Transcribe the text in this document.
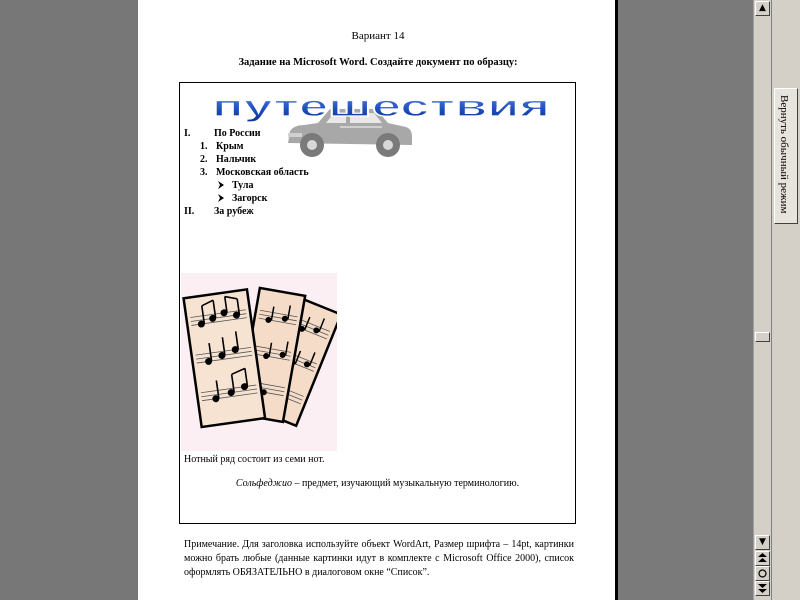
Вариант 14
Задание на Microsoft Word. Создайте документ по образцу:
путешествия
I. По России
1. Крым
2. Нальчик
3. Московская область
Тула
Загорск
II. За рубеж
Нотный ряд состоит из семи нот.
Сольфеджио – предмет, изучающий музыкальную терминологию.
Примечание. Для заголовка используйте объект WordArt, Размер шрифта – 14pt, картинки можно брать любые (данные картинки идут в комплекте с Microsoft Office 2000), список оформлять ОБЯЗАТЕЛЬНО в диалоговом окне “Список”.
▲
▼
Вернуть обычный режим
